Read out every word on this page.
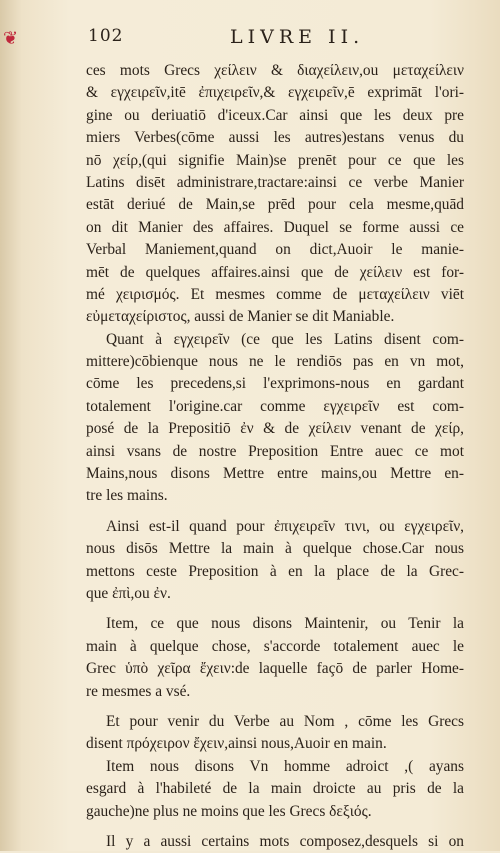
❦	102	LIVRE II.
ces mots Grecs χείλειν & διαχείλειν,ou μεταχείλειν
& εγχειρεῖν,itē ἐπιχειρεῖν,& εγχειρεῖν,ē exprimāt l'ori-
gine ou deriuatiō d'iceux.Car ainsi que les deux pre
miers Verbes(cōme aussi les autres)estans venus du
nō χείρ,(qui signifie Main)se prenēt pour ce que les
Latins disēt administrare,tractare:ainsi ce verbe Manier
estāt deriué de Main,se prēd pour cela mesme,quād
on dit Manier des affaires. Duquel se forme aussi ce
Verbal Maniement,quand on dict,Auoir le manie-
mēt de quelques affaires.ainsi que de χείλειν est for-
mé χειρισμός. Et mesmes comme de μεταχείλειν viēt
εὐμεταχείριστος, aussi de Manier se dit Maniable.
Quant à εγχειρεῖν (ce que les Latins disent com-
mittere)cōbienque nous ne le rendiōs pas en vn mot,
cōme les precedens,si l'exprimons-nous en gardant
totalement l'origine.car comme εγχειρεῖν est com-
posé de la Prepositiō ἐν & de χείλειν venant de χείρ,
ainsi vsans de nostre Preposition Entre auec ce mot
Mains,nous disons Mettre entre mains,ou Mettre en-
tre les mains.
Ainsi est-il quand pour ἐπιχειρεῖν τινι, ou εγχειρεῖν,
nous disōs Mettre la main à quelque chose.Car nous
mettons ceste Preposition à en la place de la Grec-
que ἐπὶ,ou ἐν.
Item, ce que nous disons Maintenir, ou Tenir la
main à quelque chose, s'accorde totalement auec le
Grec ὑπὸ χεῖρα ἔχειν:de laquelle façō de parler Home-
re mesmes a vsé.
Et pour venir du Verbe au Nom , cōme les Grecs
disent πρόχειρον ἔχειν,ainsi nous,Auoir en main.
Item nous disons Vn homme adroict ,( ayans
esgard à l'habileté de la main droicte au pris de la
gauche)ne plus ne moins que les Grecs δεξιός.
Il y a aussi certains mots composez,desquels si on
